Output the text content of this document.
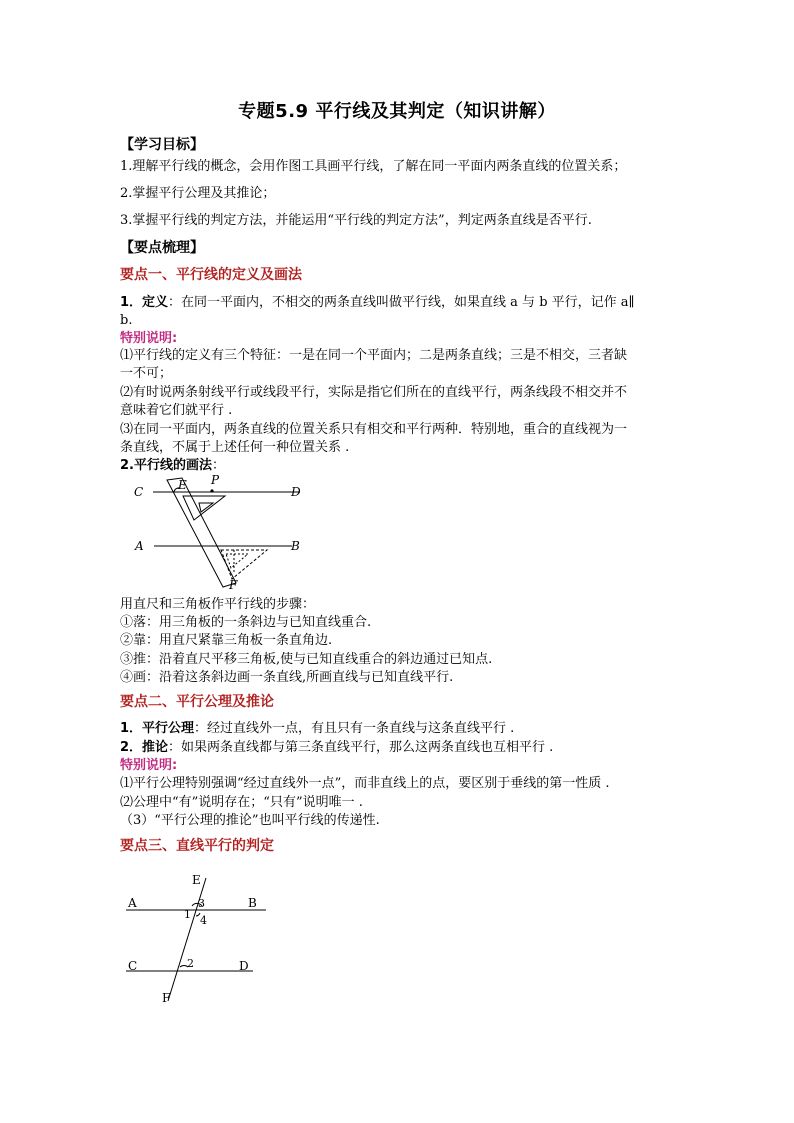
专题5.9 平行线及其判定（知识讲解）
【学习目标】
1.理解平行线的概念，会用作图工具画平行线，了解在同一平面内两条直线的位置关系；
2.掌握平行公理及其推论；
3.掌握平行线的判定方法，并能运用“平行线的判定方法”，判定两条直线是否平行.
【要点梳理】
要点一、平行线的定义及画法
1．定义：在同一平面内，不相交的两条直线叫做平行线，如果直线 a 与 b 平行，记作 a∥
b.
特别说明:
⑴平行线的定义有三个特征：一是在同一个平面内；二是两条直线；三是不相交，三者缺
一不可；
⑵有时说两条射线平行或线段平行，实际是指它们所在的直线平行，两条线段不相交并不
意味着它们就平行 .
⑶在同一平面内，两条直线的位置关系只有相交和平行两种．特别地，重合的直线视为一
条直线，不属于上述任何一种位置关系 .
2.平行线的画法：
C	E P
D
A	B
F
用直尺和三角板作平行线的步骤：
①落：用三角板的一条斜边与已知直线重合.
②靠：用直尺紧靠三角板一条直角边.
③推：沿着直尺平移三角板,使与已知直线重合的斜边通过已知点.
④画：沿着这条斜边画一条直线,所画直线与已知直线平行.
要点二、平行公理及推论
1．平行公理：经过直线外一点，有且只有一条直线与这条直线平行 .
2．推论：如果两条直线都与第三条直线平行，那么这两条直线也互相平行 .
特别说明:
⑴平行公理特别强调“经过直线外一点”，而非直线上的点，要区别于垂线的第一性质 .
⑵公理中“有”说明存在；“只有”说明唯一 .
（3）“平行公理的推论”也叫平行线的传递性.
要点三、直线平行的判定
E
A	3	B
1 4
C	2	D
F
